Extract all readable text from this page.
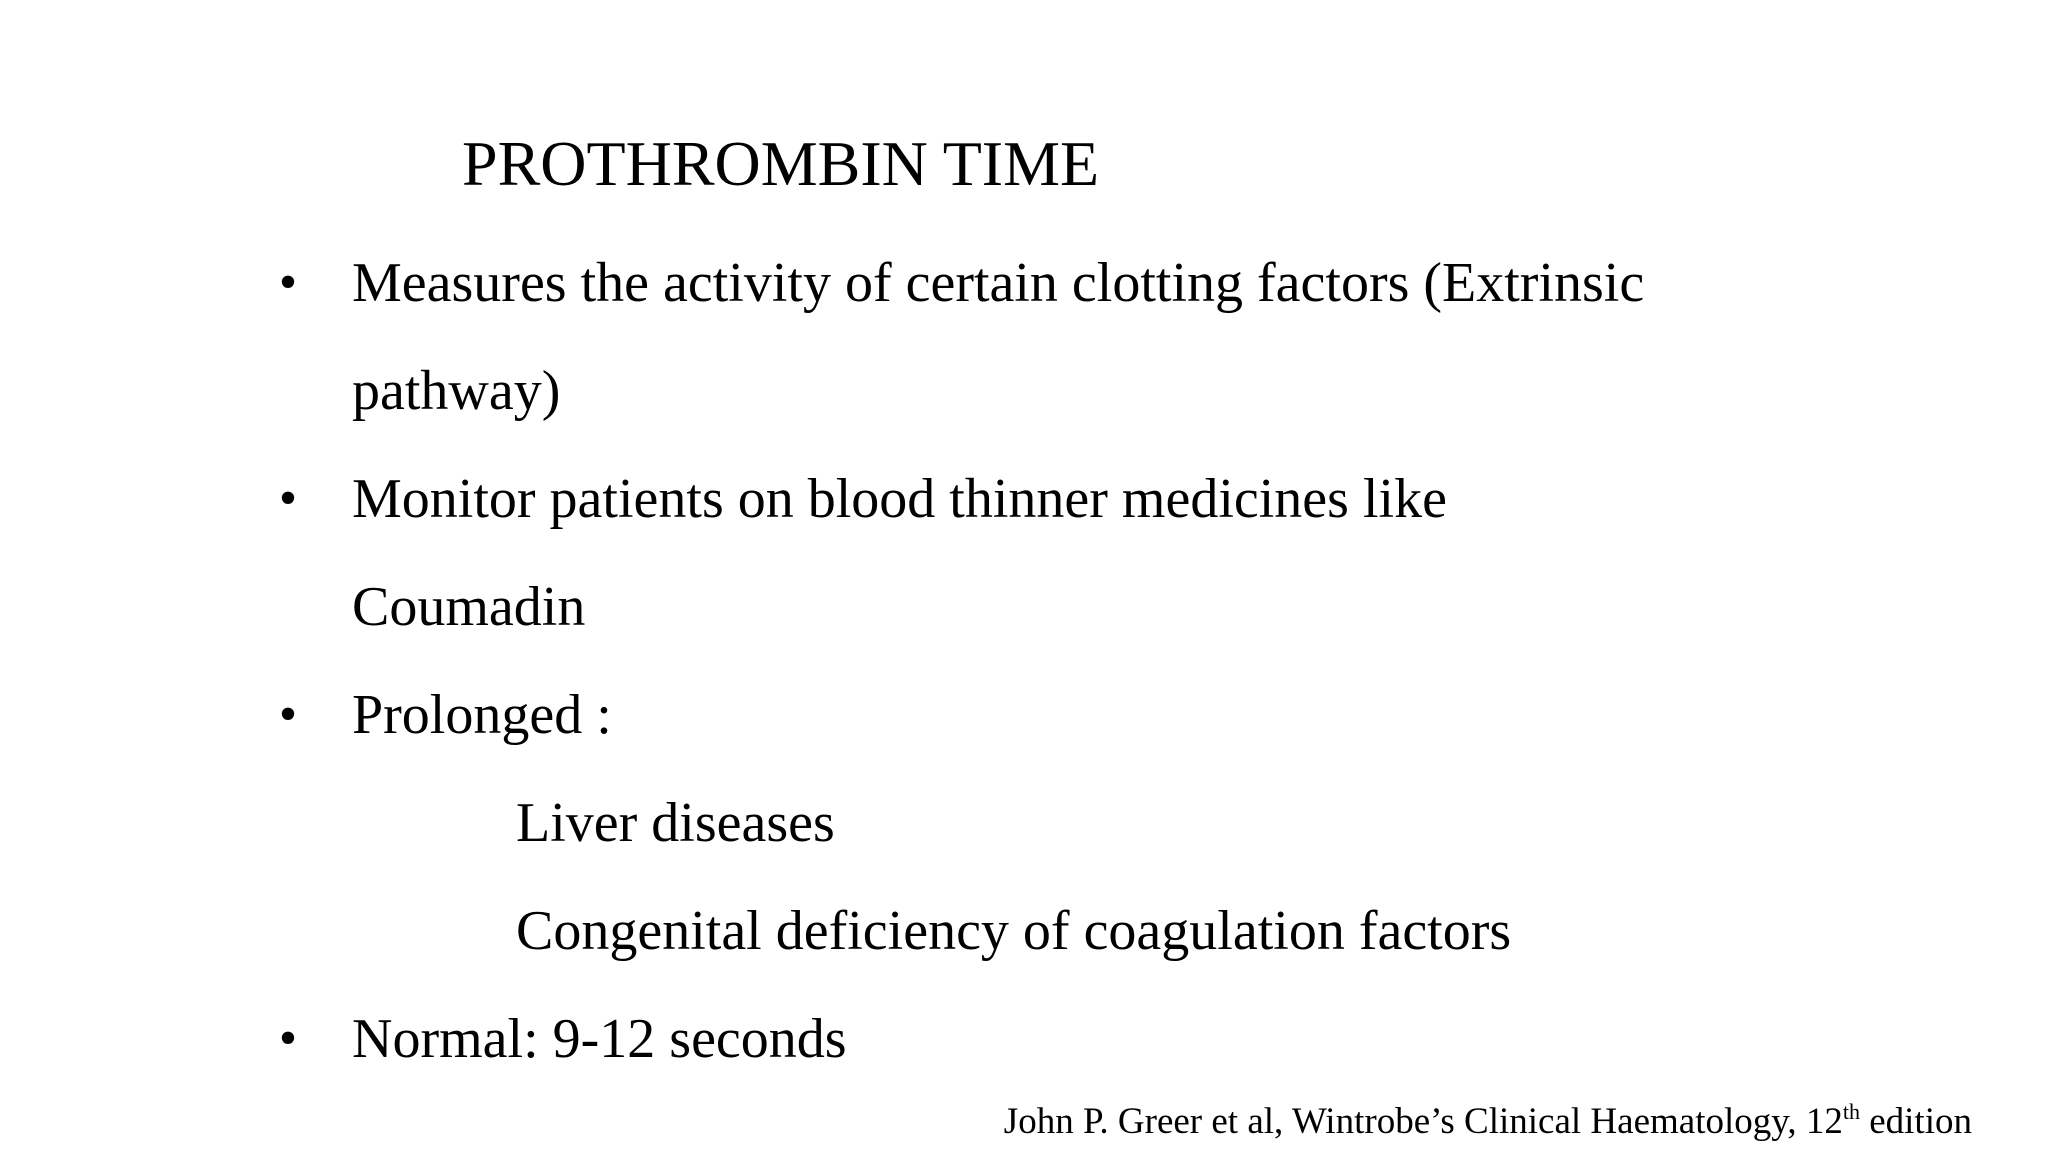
PROTHROMBIN TIME
• Measures the activity of certain clotting factors (Extrinsic
pathway)
• Monitor patients on blood thinner medicines like
Coumadin
• Prolonged :
Liver diseases
Congenital deficiency of coagulation factors
• Normal: 9-12 seconds
John P. Greer et al, Wintrobe’s Clinical Haematology, 12th edition
